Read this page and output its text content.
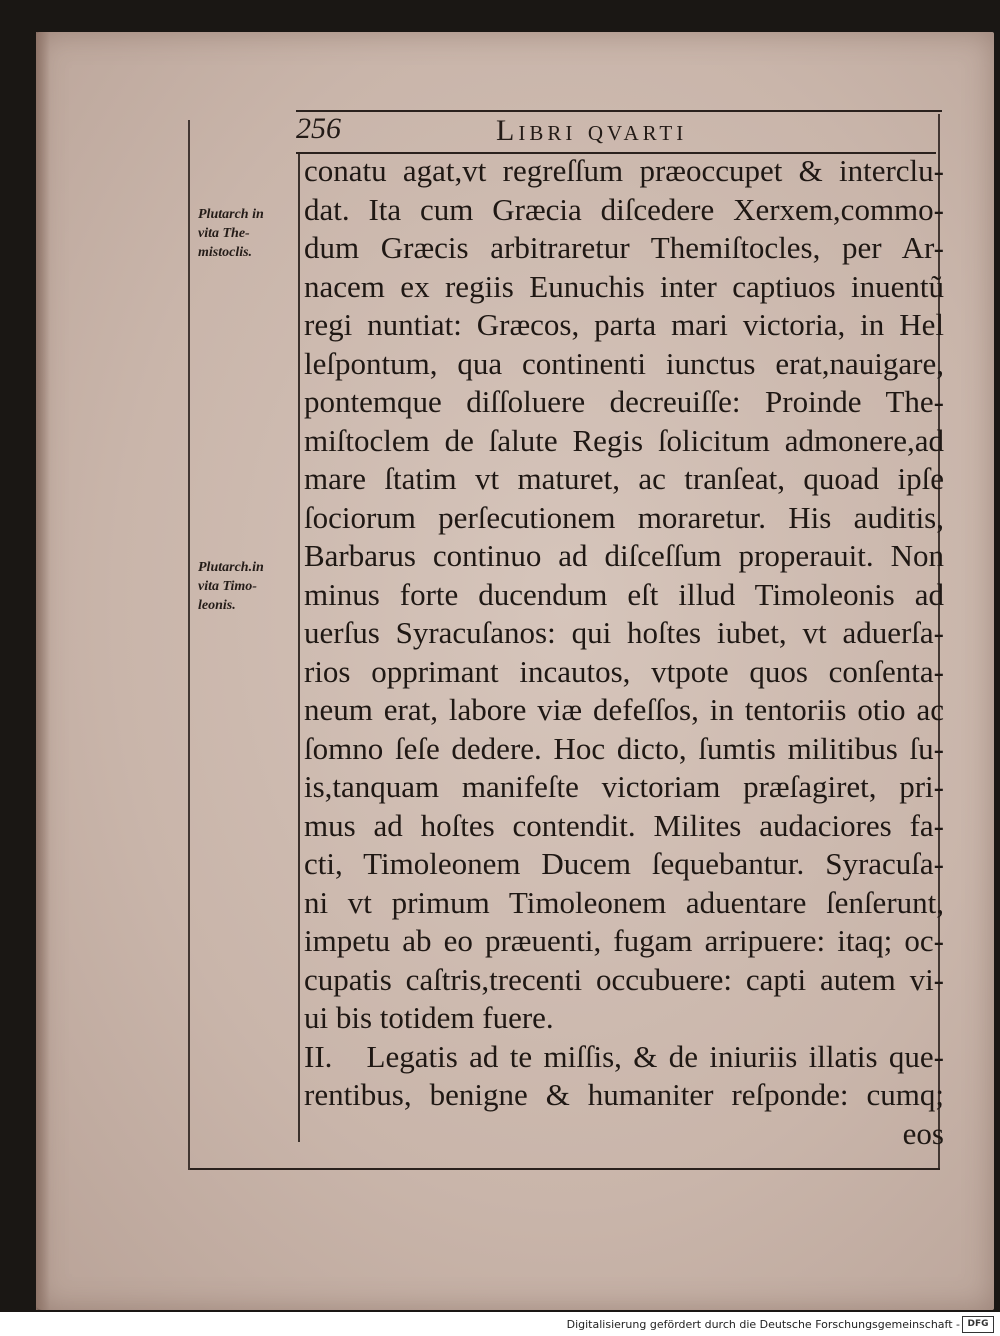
256	Libri qvarti
Plutarch in
vita The-
mistoclis.
Plutarch.in
vita Timo-
leonis.
conatu agat,vt regreſſum præoccupet & interclu-
dat. Ita cum Græcia diſcedere Xerxem,commo-
dum Græcis arbitraretur Themiſtocles, per Ar-
nacem ex regiis Eunuchis inter captiuos inuentũ
regi nuntiat: Græcos, parta mari victoria, in Hel
leſpontum, qua continenti iunctus erat,nauigare,
pontemque diſſoluere decreuiſſe: Proinde The-
miſtoclem de ſalute Regis ſolicitum admonere,ad
mare ſtatim vt maturet, ac tranſeat, quoad ipſe
ſociorum perſecutionem moraretur. His auditis,
Barbarus continuo ad diſceſſum properauit. Non
minus forte ducendum eſt illud Timoleonis ad
uerſus Syracuſanos: qui hoſtes iubet, vt aduerſa-
rios opprimant incautos, vtpote quos conſenta-
neum erat, labore viæ defeſſos, in tentoriis otio ac
ſomno ſeſe dedere. Hoc dicto, ſumtis militibus ſu-
is,tanquam manifeſte victoriam præſagiret, pri-
mus ad hoſtes contendit. Milites audaciores fa-
cti, Timoleonem Ducem ſequebantur. Syracuſa-
ni vt primum Timoleonem aduentare ſenſerunt,
impetu ab eo præuenti, fugam arripuere: itaq; oc-
cupatis caſtris,trecenti occubuere: capti autem vi-
ui bis totidem fuere.
II.   Legatis ad te miſſis, & de iniuriis illatis que-
rentibus, benigne & humaniter reſponde: cumq;
eos
Digitalisierung gefördert durch die Deutsche Forschungsgemeinschaft - DFG
